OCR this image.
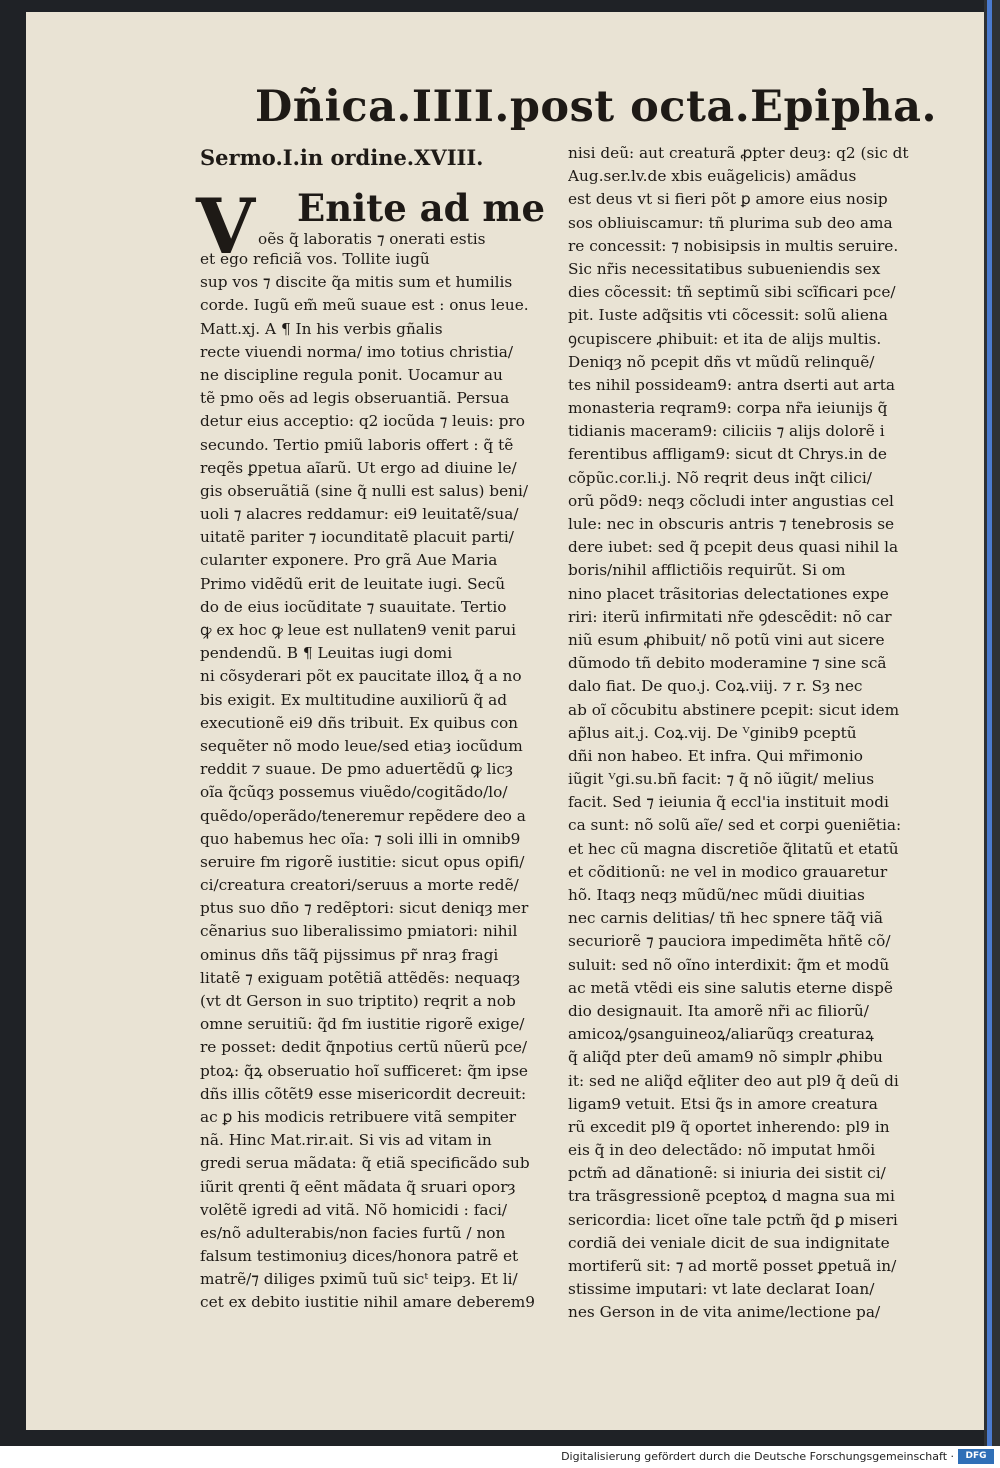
Dñica.IIII.post octa.Epipha.
Sermo.I.in ordine.XVIII.
V Enite ad me
oẽs q̃ laboratis ⁊ onerati estis
et ego reficiã vos. Tollite iugũ
sup vos ⁊ discite q̃a mitis sum et humilis
corde. Iugũ em̃ meũ suaue est : onus leue.
Matt.xj. A ¶ In his verbis gñalis
recte viuendi norma/ imo totius christia/
ne discipline regula ponit. Uocamur au
tẽ pmo oẽs ad legis obseruantiã. Persua
detur eius acceptio: q2 iocũda ⁊ leuis: pro
secundo. Tertio pmiũ laboris offert : q̃ tẽ
reqẽs ꝑpetua aĩarũ. Ut ergo ad diuine le/
gis obseruãtiã (sine q̃ nulli est salus) beni/
uoli ⁊ alacres reddamur: ei9 leuitatẽ/sua/
uitatẽ pariter ⁊ iocunditatẽ placuit parti/
cularıter exponere. Pro grã Aue Maria
Primo vidẽdũ erit de leuitate iugi. Secũ
do de eius iocũditate ⁊ suauitate. Tertio
ꝙ ex hoc ꝙ leue est nullaten9 venit parui
pendendũ. B ¶ Leuitas iugi domi
ni cõsyderari põt ex paucitate illoꝝ q̃ a no
bis exigit. Ex multitudine auxiliorũ q̃ ad
executionẽ ei9 dñs tribuit. Ex quibus con
sequẽter nõ modo leue/sed etiaȝ iocũdum
reddit ⁊ suaue. De pmo aduertẽdũ ꝙ licȝ
oĩa q̃cũqȝ possemus viuẽdo/cogitãdo/lo/
quẽdo/operãdo/teneremur repẽdere deo a
quo habemus hec oĩa: ⁊ soli illi in omnib9
seruire fm rigorẽ iustitie: sicut opus opifi/
ci/creatura creatori/seruus a morte redẽ/
ptus suo dño ⁊ redẽptori: sicut deniqȝ mer
cẽnarius suo liberalissimo pmiatori: nihil
ominus dñs tãq̃ pijssimus pr̃ nraȝ fragi
litatẽ ⁊ exiguam potẽtiã attẽdẽs: nequaqȝ
(vt dt Gerson in suo triptito) reqrit a nob
omne seruitiũ: q̃d fm iustitie rigorẽ exige/
re posset: dedit q̃npotius certũ nũerũ pce/
ptoꝝ: q̃ꝝ obseruatio hoĩ sufficeret: q̃m ipse
dñs illis cõtẽt9 esse misericordit decreuit:
ac ꝑ his modicis retribuere vitã sempiter
nã. Hinc Mat.rir.ait. Si vis ad vitam in
gredi serua mãdata: q̃ etiã specificãdo sub
iũrit qrenti q̃ eẽnt mãdata q̃ sruari oporȝ
volẽtẽ igredi ad vitã. Nõ homicidi : faci/
es/nõ adulterabis/non facies furtũ / non
falsum testimoniuȝ dices/honora patrẽ et
matrẽ/⁊ diliges pximũ tuũ sicᵗ teipȝ. Et li/
cet ex debito iustitie nihil amare deberem9
nisi deũ: aut creaturã ꝓpter deuȝ: q2 (sic dt
Aug.ser.lv.de xbis euãgelicis) amãdus
est deus vt si fieri põt ꝑ amore eius nosip
sos obliuiscamur: tñ plurima sub deo ama
re concessit: ⁊ nobisipsis in multis seruire.
Sic nr̃is necessitatibus subueniendis sex
dies cõcessit: tñ septimũ sibi scĩficari pce/
pit. Iuste adq̃sitis vti cõcessit: solũ aliena
ꝯcupiscere ꝓhibuit: et ita de alijs multis.
Deniqȝ nõ pcepit dñs vt mũdũ relinquẽ/
tes nihil possideam9: antra dserti aut arta
monasteria reqram9: corpa nr̃a ieiunijs q̃
tidianis maceram9: ciliciis ⁊ alijs dolorẽ i
ferentibus affligam9: sicut dt Chrys.in de
cõpũc.cor.li.j. Nõ reqrit deus inq̃t cilici/
orũ põd9: neqȝ cõcludi inter angustias cel
lule: nec in obscuris antris ⁊ tenebrosis se
dere iubet: sed q̃ pcepit deus quasi nihil la
boris/nihil afflictiõis requirũt. Si om
nino placet trãsitorias delectationes expe
riri: iterũ infirmitati nr̃e ꝯdescẽdit: nõ car
niũ esum ꝓhibuit/ nõ potũ vini aut sicere
dũmodo tñ debito moderamine ⁊ sine scã
dalo fiat. De quo.j. Coꝝ.viij. ⁊ r. Sȝ nec
ab oĩ cõcubitu abstinere pcepit: sicut idem
ap̃lus ait.j. Coꝝ.vij. De ⱽginib9 pceptũ
dñi non habeo. Et infra. Qui mr̃imonio
iũgit ⱽgi.su.bñ facit: ⁊ q̃ nõ iũgit/ melius
facit. Sed ⁊ ieiunia q̃ eccl'ia instituit modi
ca sunt: nõ solũ aĩe/ sed et corpi ꝯueniẽtia:
et hec cũ magna discretiõe q̃litatũ et etatũ
et cõditionũ: ne vel in modico grauaretur
hõ. Itaqȝ neqȝ mũdũ/nec mũdi diuitias
nec carnis delitias/ tñ hec spnere tãq̃ viã
securiorẽ ⁊ pauciora impedimẽta hñtẽ cõ/
suluit: sed nõ oĩno interdixit: q̃m et modũ
ac metã vtẽdi eis sine salutis eterne dispẽ
dio designauit. Ita amorẽ nr̃i ac filiorũ/
amicoꝝ/ꝯsanguineoꝝ/aliarũqȝ creaturaꝝ
q̃ aliq̃d pter deũ amam9 nõ simplr ꝓhibu
it: sed ne aliq̃d eq̃liter deo aut pl9 q̃ deũ di
ligam9 vetuit. Etsi q̃s in amore creatura
rũ excedit pl9 q̃ oportet inherendo: pl9 in
eis q̃ in deo delectãdo: nõ imputat hmõi
pctm̃ ad dãnationẽ: si iniuria dei sistit ci/
tra trãsgressionẽ pceptoꝝ d magna sua mi
sericordia: licet oĩne tale pctm̃ q̃d ꝑ miseri
cordiã dei veniale dicit de sua indignitate
mortiferũ sit: ⁊ ad mortẽ posset ꝑpetuã in/
stissime imputari: vt late declarat Ioan/
nes Gerson in de vita anime/lectione pa/
Digitalisierung gefördert durch die Deutsche Forschungsgemeinschaft ·	DFG
